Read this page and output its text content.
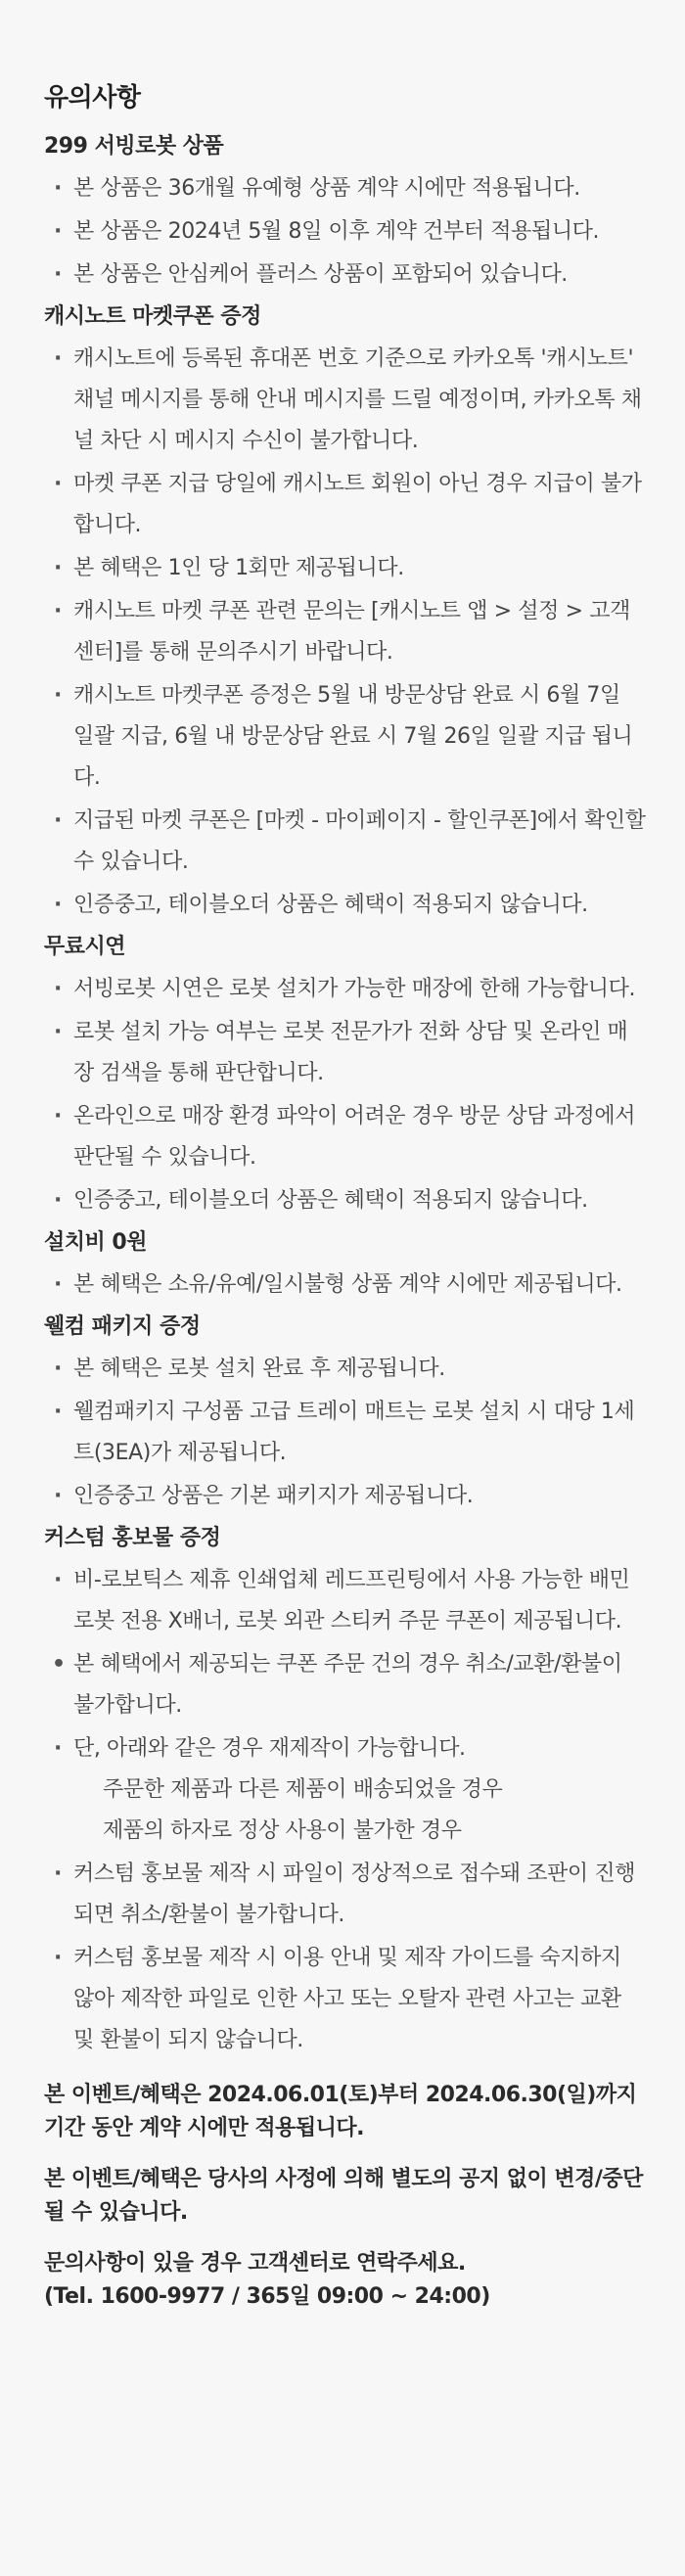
유의사항
299 서빙로봇 상품
· 본 상품은 36개월 유예형 상품 계약 시에만 적용됩니다.
· 본 상품은 2024년 5월 8일 이후 계약 건부터 적용됩니다.
· 본 상품은 안심케어 플러스 상품이 포함되어 있습니다.
캐시노트 마켓쿠폰 증정
· 캐시노트에 등록된 휴대폰 번호 기준으로 카카오톡 '캐시노트' 채널 메시지를 통해 안내 메시지를 드릴 예정이며, 카카오톡 채널 차단 시 메시지 수신이 불가합니다.
· 마켓 쿠폰 지급 당일에 캐시노트 회원이 아닌 경우 지급이 불가합니다.
· 본 혜택은 1인 당 1회만 제공됩니다.
· 캐시노트 마켓 쿠폰 관련 문의는 [캐시노트 앱 > 설정 > 고객센터]를 통해 문의주시기 바랍니다.
· 캐시노트 마켓쿠폰 증정은 5월 내 방문상담 완료 시 6월 7일 일괄 지급, 6월 내 방문상담 완료 시 7월 26일 일괄 지급 됩니다.
· 지급된 마켓 쿠폰은 [마켓 - 마이페이지 - 할인쿠폰]에서 확인할 수 있습니다.
· 인증중고, 테이블오더 상품은 혜택이 적용되지 않습니다.
무료시연
· 서빙로봇 시연은 로봇 설치가 가능한 매장에 한해 가능합니다.
· 로봇 설치 가능 여부는 로봇 전문가가 전화 상담 및 온라인 매장 검색을 통해 판단합니다.
· 온라인으로 매장 환경 파악이 어려운 경우 방문 상담 과정에서 판단될 수 있습니다.
· 인증중고, 테이블오더 상품은 혜택이 적용되지 않습니다.
설치비 0원
· 본 혜택은 소유/유예/일시불형 상품 계약 시에만 제공됩니다.
웰컴 패키지 증정
· 본 혜택은 로봇 설치 완료 후 제공됩니다.
· 웰컴패키지 구성품 고급 트레이 매트는 로봇 설치 시 대당 1세트(3EA)가 제공됩니다.
· 인증중고 상품은 기본 패키지가 제공됩니다.
커스텀 홍보물 증정
· 비-로보틱스 제휴 인쇄업체 레드프린팅에서 사용 가능한 배민로봇 전용 X배너, 로봇 외관 스티커 주문 쿠폰이 제공됩니다.
• 본 혜택에서 제공되는 쿠폰 주문 건의 경우 취소/교환/환불이 불가합니다.
· 단, 아래와 같은 경우 재제작이 가능합니다.
주문한 제품과 다른 제품이 배송되었을 경우
제품의 하자로 정상 사용이 불가한 경우
· 커스텀 홍보물 제작 시 파일이 정상적으로 접수돼 조판이 진행되면 취소/환불이 불가합니다.
· 커스텀 홍보물 제작 시 이용 안내 및 제작 가이드를 숙지하지 않아 제작한 파일로 인한 사고 또는 오탈자 관련 사고는 교환 및 환불이 되지 않습니다.

본 이벤트/혜택은 2024.06.01(토)부터 2024.06.30(일)까지 기간 동안 계약 시에만 적용됩니다.

본 이벤트/혜택은 당사의 사정에 의해 별도의 공지 없이 변경/중단 될 수 있습니다.

문의사항이 있을 경우 고객센터로 연락주세요.
(Tel. 1600-9977 / 365일 09:00 ~ 24:00)
